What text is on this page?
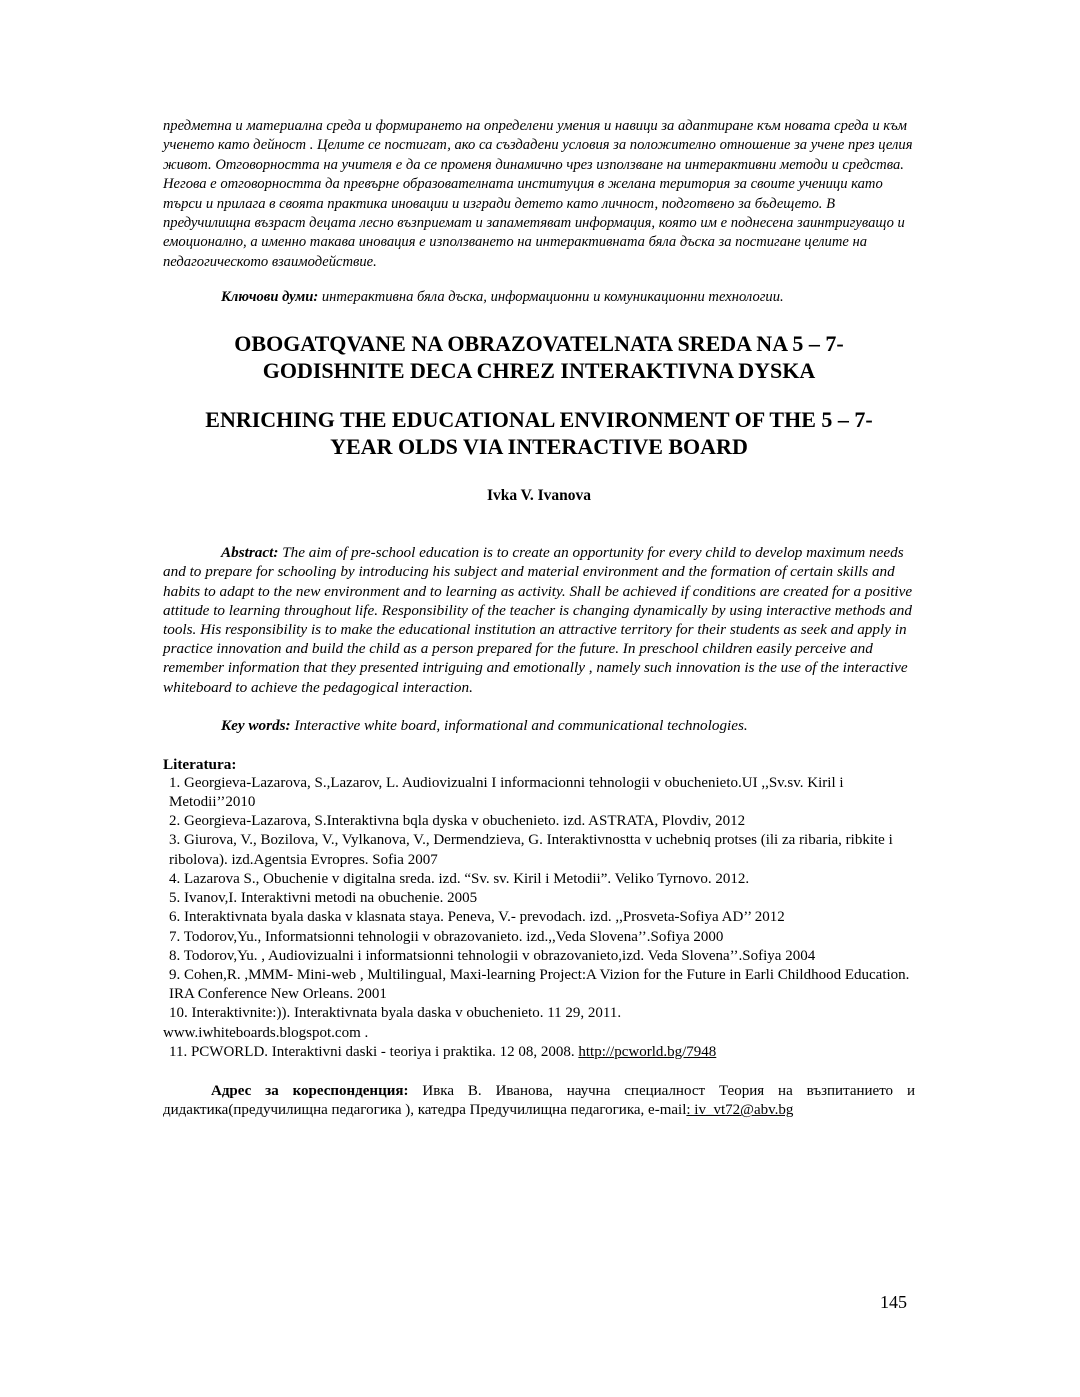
предметна и материална среда и формирането на определени умения и навици за адаптиране към новата среда и към ученето като дейност . Целите се постигат, ако са създадени условия за положително отношение за учене през целия живот. Отговорността на учителя е да се променя динамично чрез използване на интерактивни методи и средства. Негова е отговорността да превърне образователната институция в желана територия за своите ученици като търси и прилага в своята практика иновации и изгради детето като личност, подготвено за бъдещето. В предучилищна възраст децата лесно възприемат и запаметяват информация, която им е поднесена заинтригуващо и емоционално, а именно такава иновация е използването на интерактивната бяла дъска за постигане целите на педагогическото взаимодействие.

Ключови думи: интерактивна бяла дъска, информационни и комуникационни технологии.

OBOGATQVANE NA OBRAZOVATELNATA SREDA NA 5 – 7-
GODISHNITE DECA CHREZ INTERAKTIVNA DYSKA
ENRICHING THE EDUCATIONAL ENVIRONMENT OF THE 5 – 7-
YEAR OLDS VIA INTERACTIVE BOARD

Ivka V. Ivanova

Abstract: The aim of pre-school education is to create an opportunity for every child to develop maximum needs and to prepare for schooling by introducing his subject and material environment and the formation of certain skills and habits to adapt to the new environment and to learning as activity. Shall be achieved if conditions are created for a positive attitude to learning throughout life. Responsibility of the teacher is changing dynamically by using interactive methods and tools. His responsibility is to make the educational institution an attractive territory for their students as seek and apply in practice innovation and build the child as a person prepared for the future. In preschool children easily perceive and remember information that they presented intriguing and emotionally , namely such innovation is the use of the interactive whiteboard to achieve the pedagogical interaction.

Key words: Interactive white board, informational and communicational technologies.

Literatura:

1. Georgieva-Lazarova, S.,Lazarov, L. Audiovizualni I informacionni tehnologii v obuchenieto.UI ,,Sv.sv. Kiril i Metodii’’2010
2. Georgieva-Lazarova, S.Interaktivna bqla dyska v obuchenieto. izd. ASTRATA, Plovdiv, 2012
3. Giurova, V., Bozilova, V., Vylkanova, V., Dermendzieva, G. Interaktivnostta v uchebniq protses (ili za ribaria, ribkite i ribolova). izd.Agentsia Evropres. Sofia 2007
4. Lazarova S., Obuchenie v digitalna sreda. izd. “Sv. sv. Kiril i Metodii”. Veliko Tyrnovo. 2012.
5. Ivanov,I. Interaktivni metodi na obuchenie. 2005
6. Interaktivnata byala daska v klasnata staya. Peneva, V.- prevodach. izd. ,,Prosveta-Sofiya AD’’ 2012
7. Todorov,Yu., Informatsionni tehnologii v obrazovanieto. izd.,,Veda Slovena’’.Sofiya 2000
8. Todorov,Yu. , Audiovizualni i informatsionni tehnologii v obrazovanieto,izd. Veda Slovena’’.Sofiya 2004
9. Cohen,R. ,MMM- Mini-web , Multilingual, Maxi-learning Project:A Vizion for the Future in Earli Childhood Education. IRA Conference New Orleans. 2001
10. Interaktivnite:)). Interaktivnata byala daska v obuchenieto. 11 29, 2011.
www.iwhiteboards.blogspot.com .
11. PCWORLD. Interaktivni daski - teoriya i praktika. 12 08, 2008. http://pcworld.bg/7948

Адрес за кореспонденция: Ивка В. Иванова, научна специалност Теория на възпитанието и дидактика(предучилищна педагогика ), катедра Предучилищна педагогика, e-mail: iv_vt72@abv.bg

145
